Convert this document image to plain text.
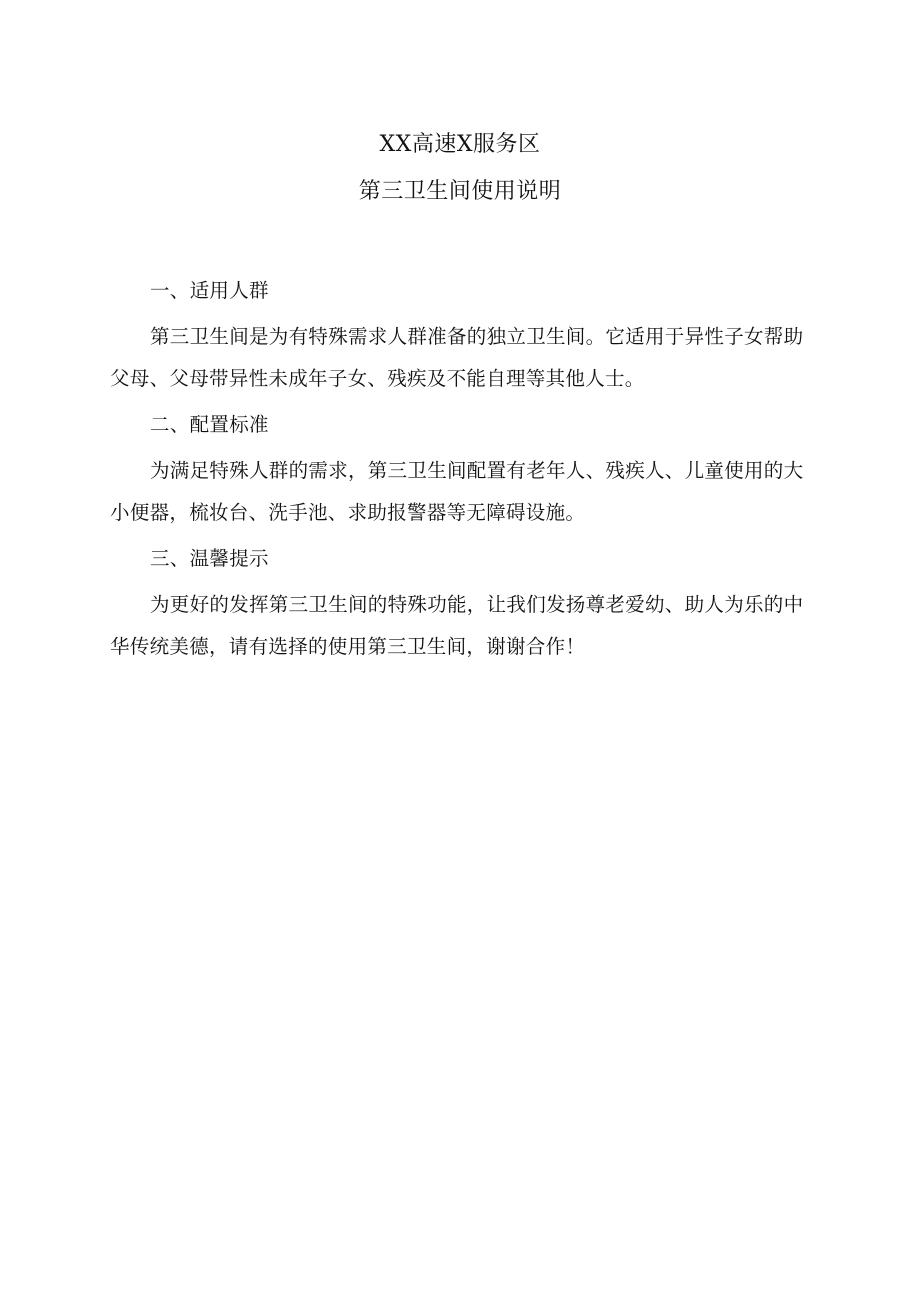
XX高速X服务区
第三卫生间使用说明
一、适用人群

第三卫生间是为有特殊需求人群准备的独立卫生间。它适用于异性子女帮助父母、父母带异性未成年子女、残疾及不能自理等其他人士。

二、配置标准

为满足特殊人群的需求，第三卫生间配置有老年人、残疾人、儿童使用的大小便器，梳妆台、洗手池、求助报警器等无障碍设施。

三、温馨提示

为更好的发挥第三卫生间的特殊功能，让我们发扬尊老爱幼、助人为乐的中华传统美德，请有选择的使用第三卫生间，谢谢合作！
